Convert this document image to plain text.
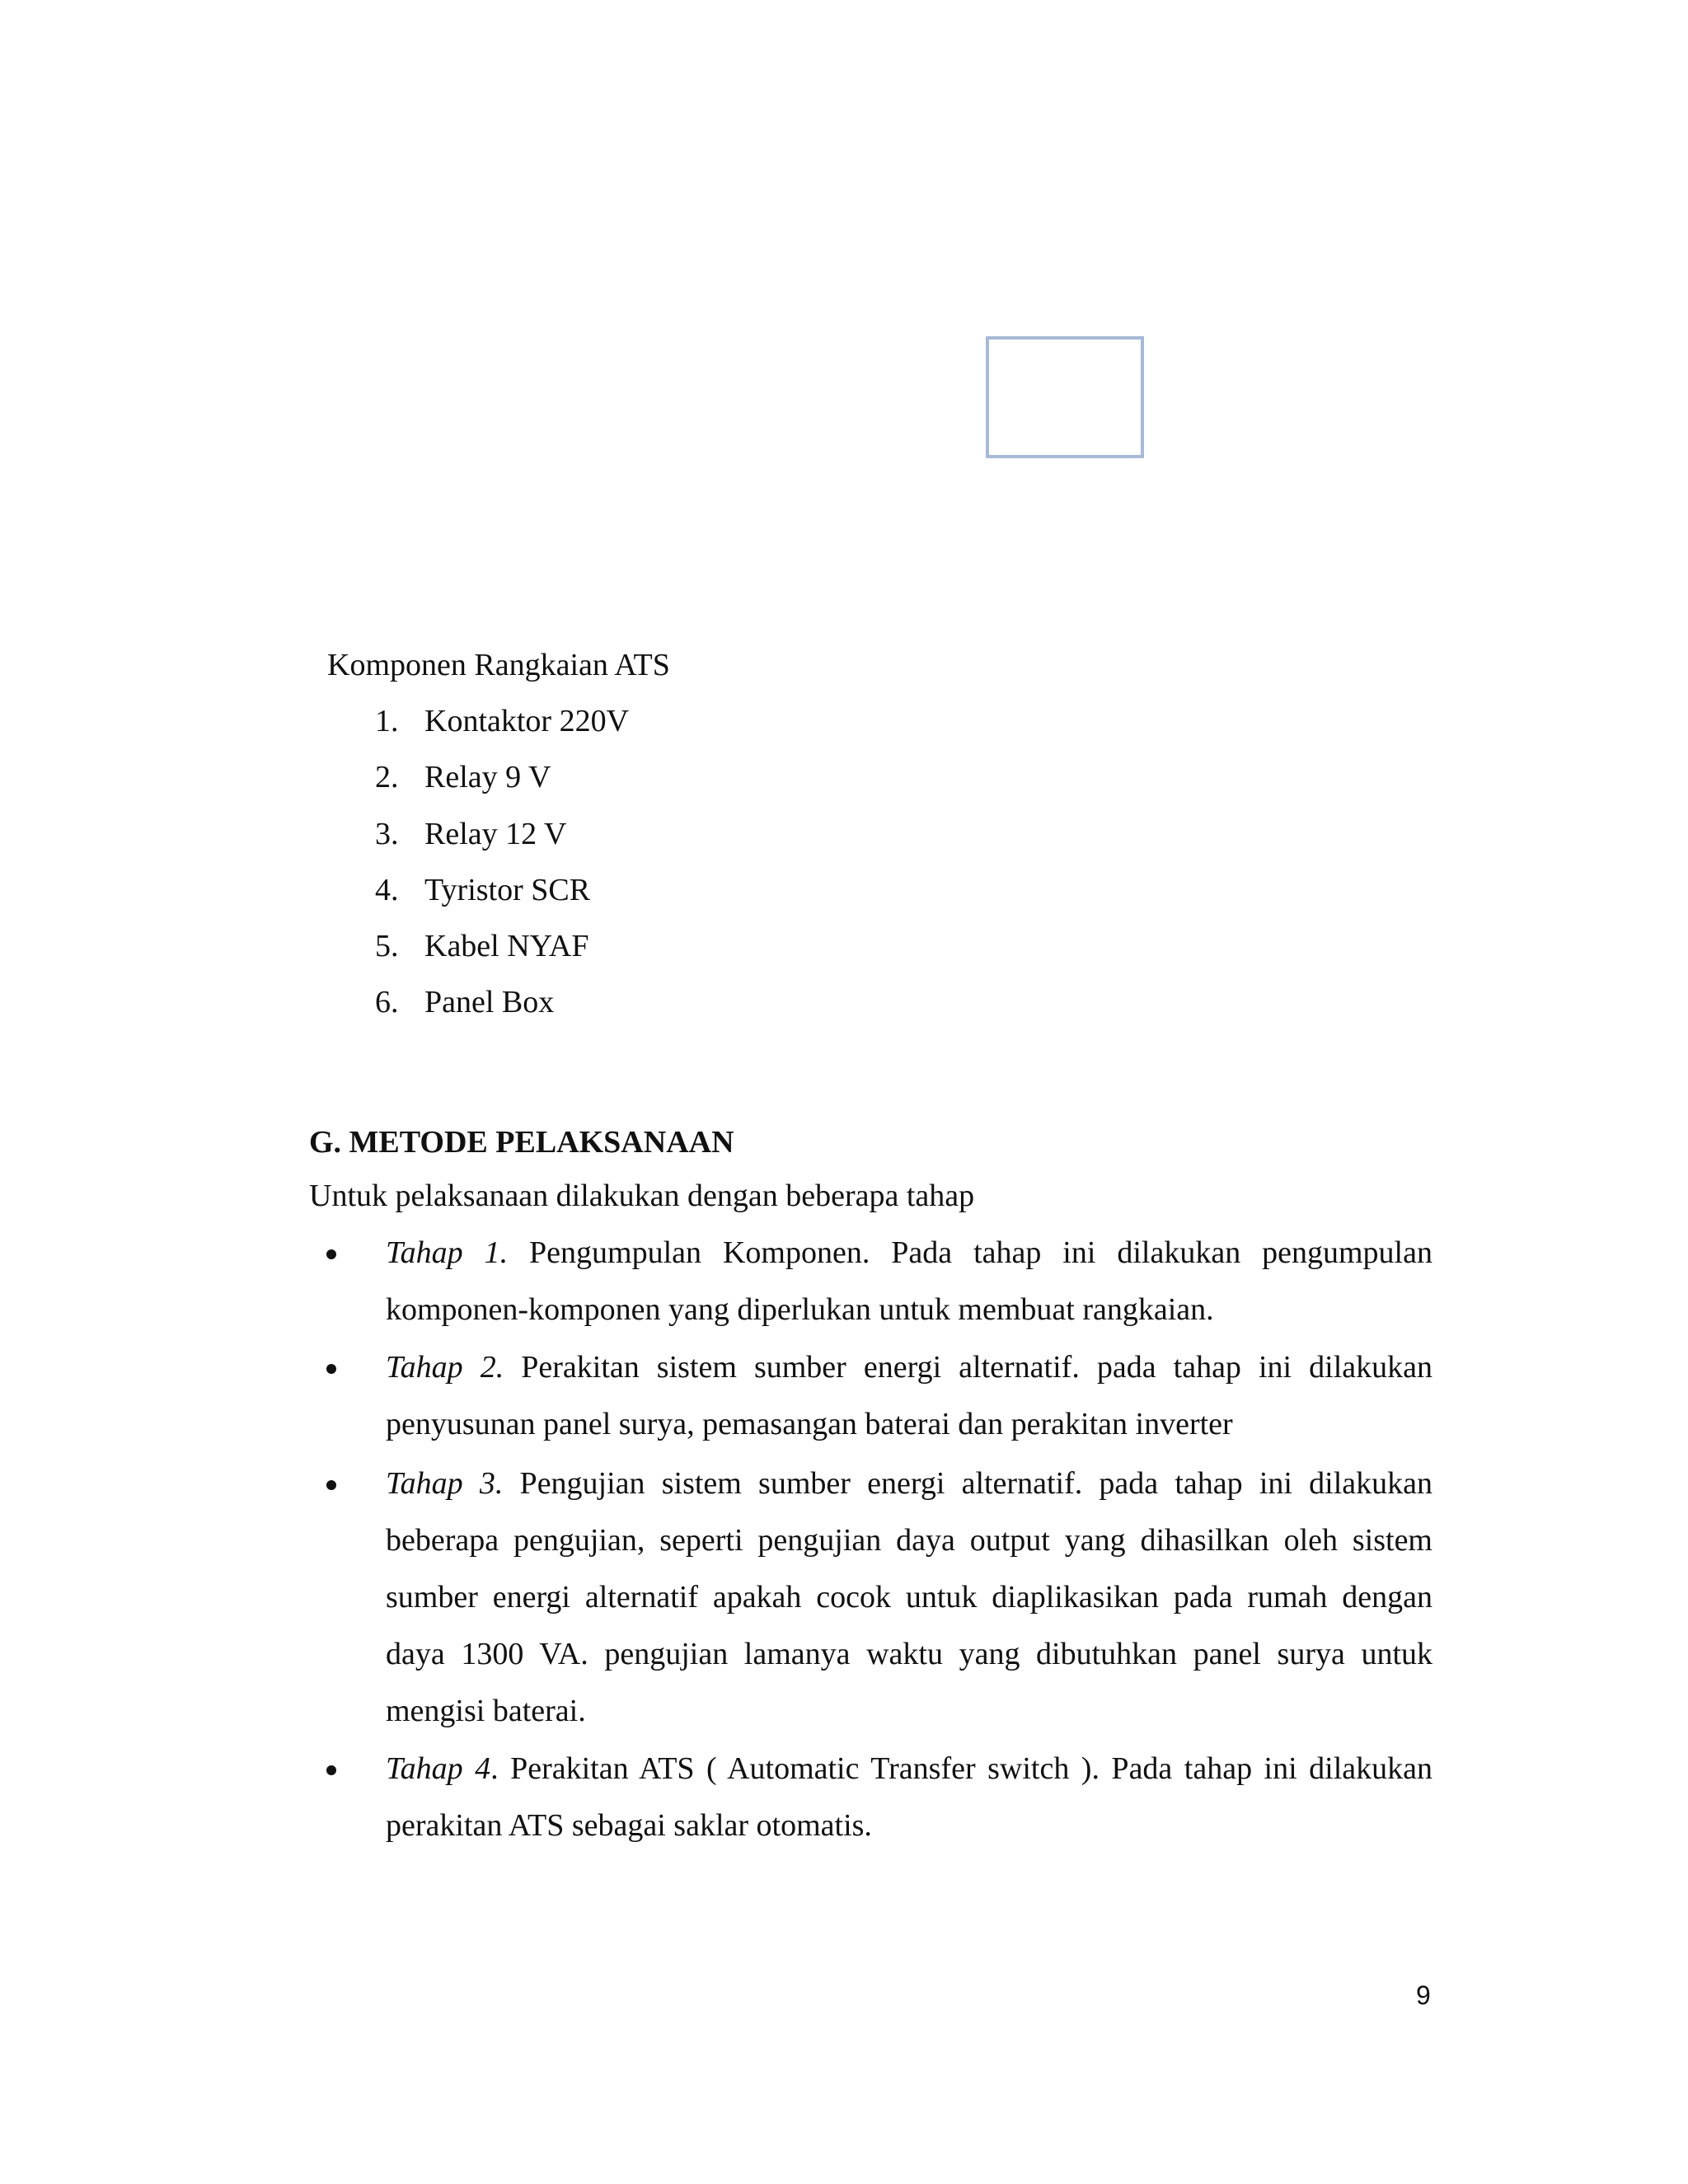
Komponen Rangkaian ATS
1. Kontaktor 220V
2. Relay 9 V
3. Relay 12 V
4. Tyristor SCR
5. Kabel NYAF
6. Panel Box
G. METODE PELAKSANAAN
Untuk pelaksanaan dilakukan dengan beberapa tahap

Tahap 1. Pengumpulan Komponen. Pada tahap ini dilakukan pengumpulan komponen-komponen yang diperlukan untuk membuat rangkaian.

Tahap 2. Perakitan sistem sumber energi alternatif. pada tahap ini dilakukan penyusunan panel surya, pemasangan baterai dan perakitan inverter

Tahap 3. Pengujian sistem sumber energi alternatif. pada tahap ini dilakukan beberapa pengujian, seperti pengujian daya output yang dihasilkan oleh sistem sumber energi alternatif apakah cocok untuk diaplikasikan pada rumah dengan daya 1300 VA. pengujian lamanya waktu yang dibutuhkan panel surya untuk mengisi baterai.

Tahap 4. Perakitan ATS ( Automatic Transfer switch ). Pada tahap ini dilakukan perakitan ATS sebagai saklar otomatis.

9
